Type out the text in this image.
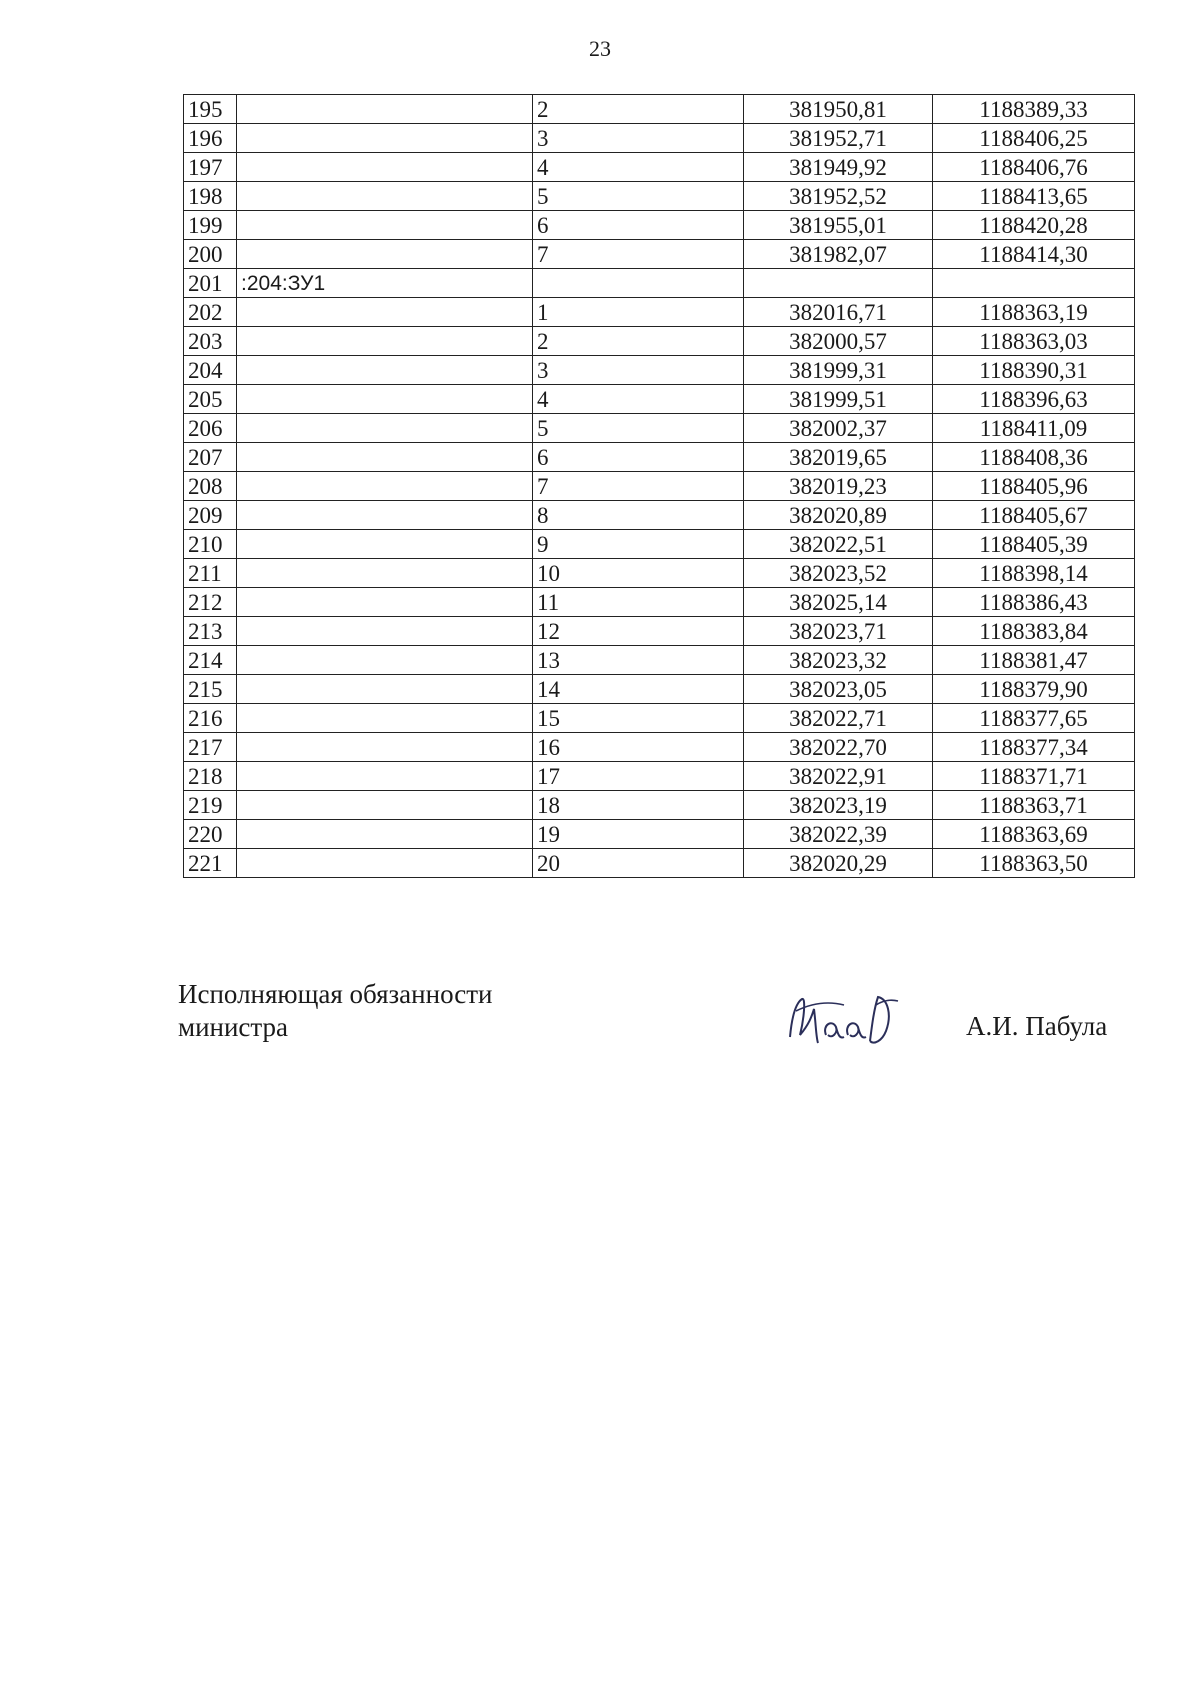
23
195		2	381950,81	1188389,33
196		3	381952,71	1188406,25
197		4	381949,92	1188406,76
198		5	381952,52	1188413,65
199		6	381955,01	1188420,28
200		7	381982,07	1188414,30
201	:204:ЗУ1			
202		1	382016,71	1188363,19
203		2	382000,57	1188363,03
204		3	381999,31	1188390,31
205		4	381999,51	1188396,63
206		5	382002,37	1188411,09
207		6	382019,65	1188408,36
208		7	382019,23	1188405,96
209		8	382020,89	1188405,67
210		9	382022,51	1188405,39
211		10	382023,52	1188398,14
212		11	382025,14	1188386,43
213		12	382023,71	1188383,84
214		13	382023,32	1188381,47
215		14	382023,05	1188379,90
216		15	382022,71	1188377,65
217		16	382022,70	1188377,34
218		17	382022,91	1188371,71
219		18	382023,19	1188363,71
220		19	382022,39	1188363,69
221		20	382020,29	1188363,50
Исполняющая обязанности
министра	А.И. Пабула
